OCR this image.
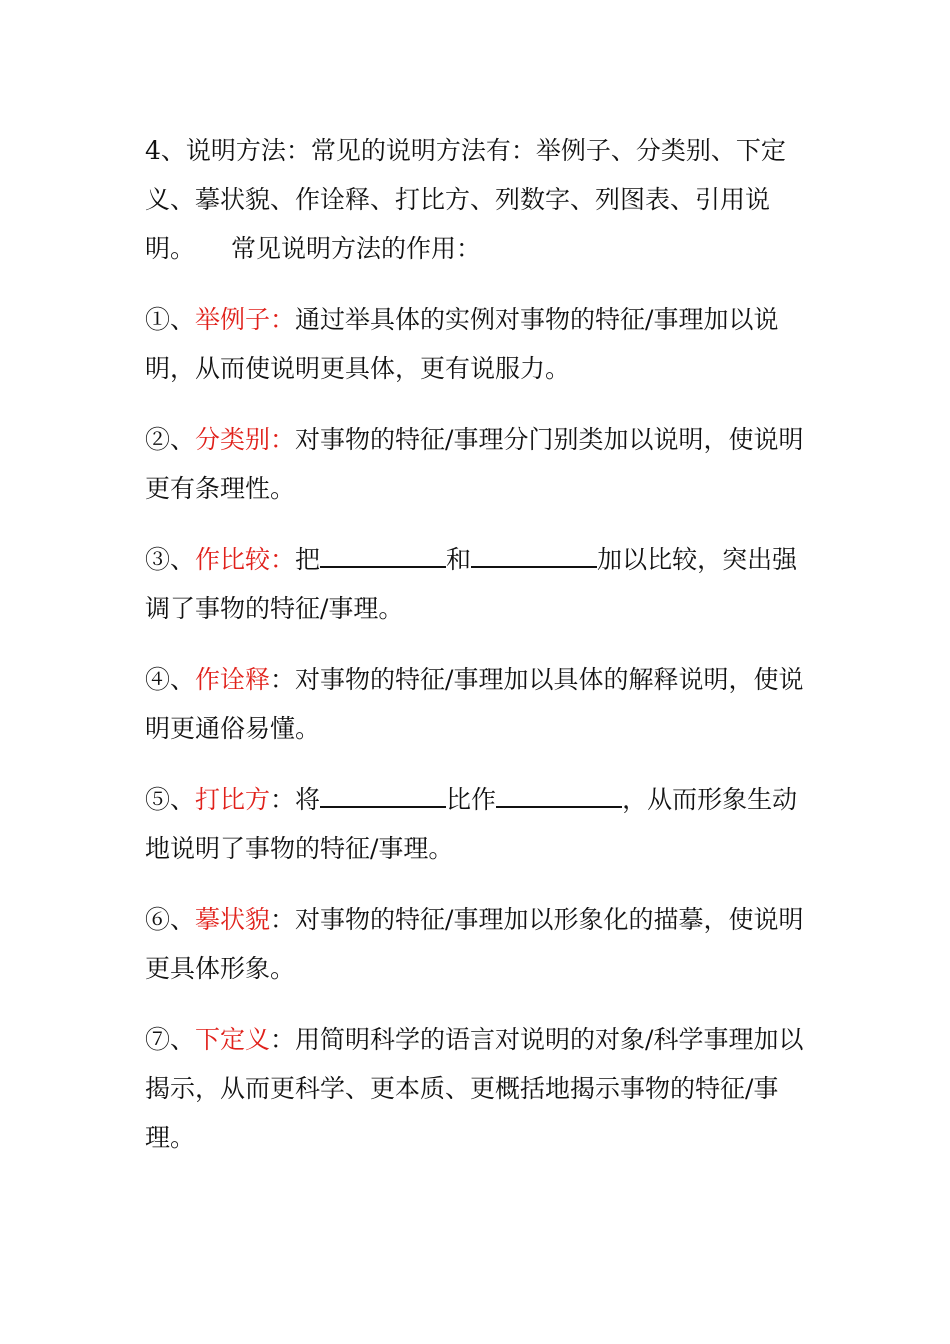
4、说明方法：常见的说明方法有：举例子、分类别、下定义、摹状貌、作诠释、打比方、列数字、列图表、引用说明。 常见说明方法的作用：

①、举例子：通过举具体的实例对事物的特征/事理加以说明，从而使说明更具体，更有说服力。

②、分类别：对事物的特征/事理分门别类加以说明，使说明更有条理性。

③、作比较：把	和	加以比较，突出强调了事物的特征/事理。

④、作诠释：对事物的特征/事理加以具体的解释说明，使说明更通俗易懂。

⑤、打比方：将	比作	，从而形象生动地说明了事物的特征/事理。

⑥、摹状貌：对事物的特征/事理加以形象化的描摹，使说明更具体形象。

⑦、下定义：用简明科学的语言对说明的对象/科学事理加以揭示，从而更科学、更本质、更概括地揭示事物的特征/事理。
